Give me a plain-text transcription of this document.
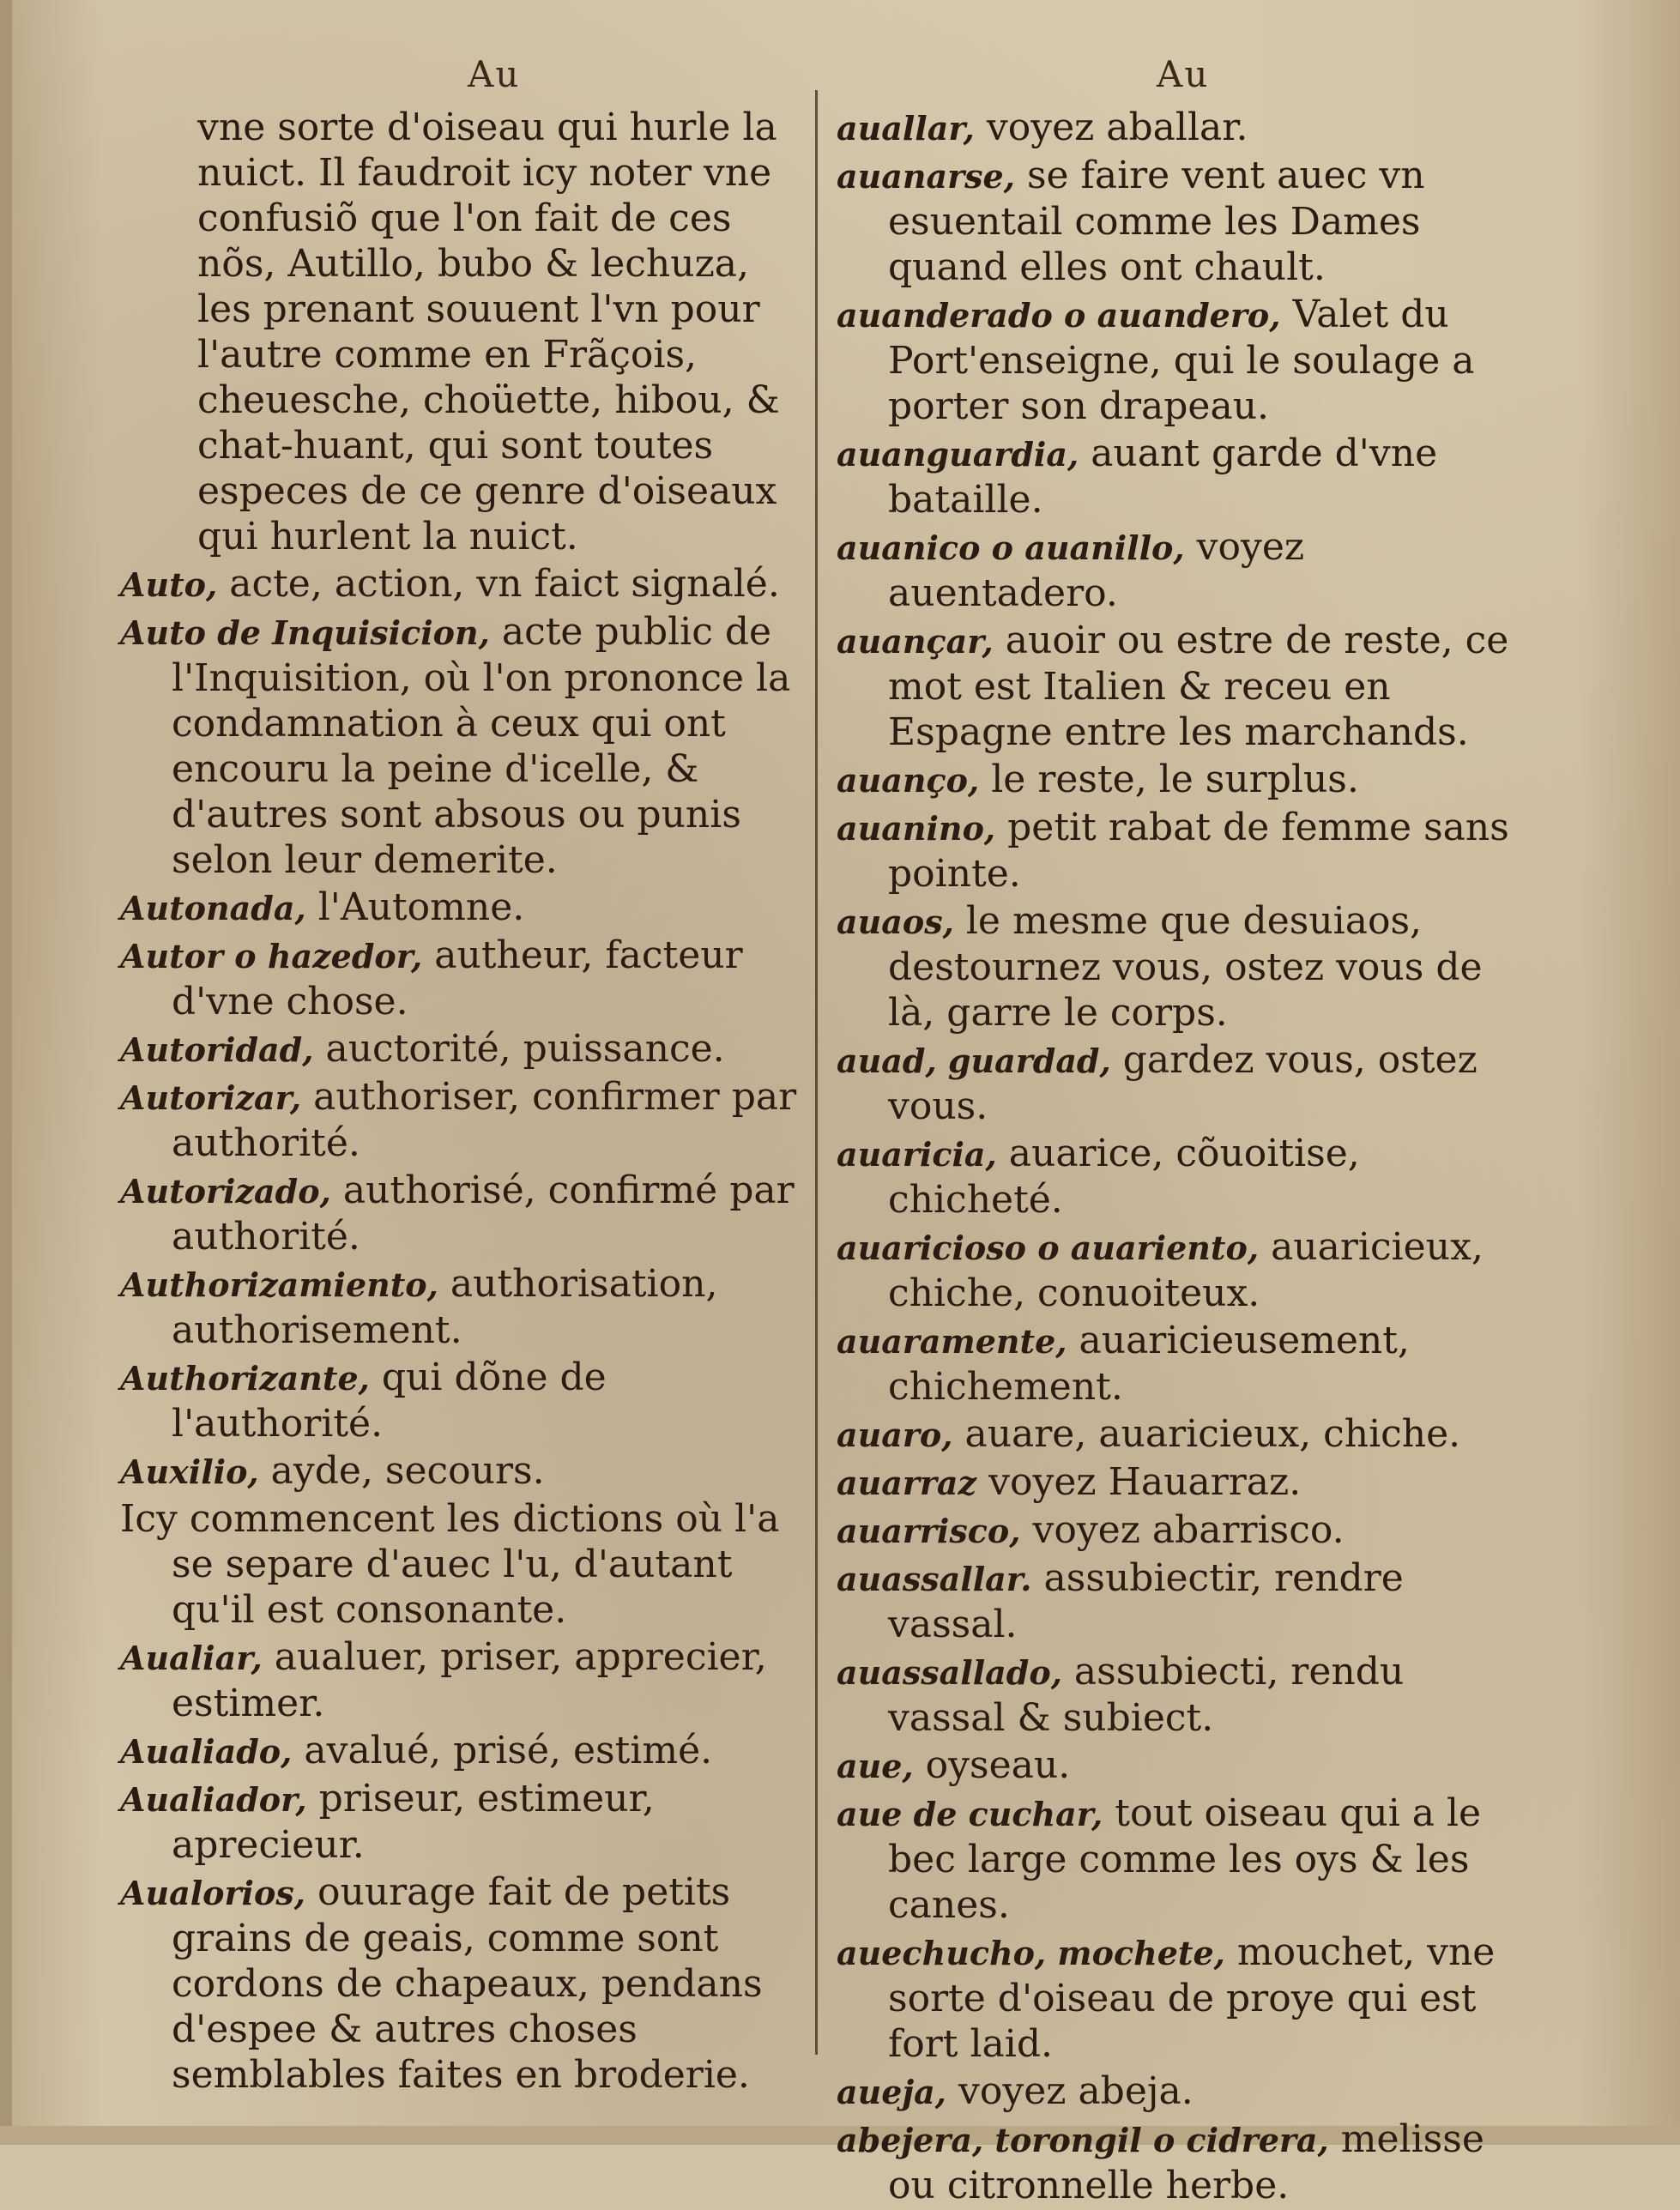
Au	Au
vne sorte d'oiseau qui hurle la nuict. Il faudroit icy noter vne confusiõ que l'on fait de ces nõs, Autillo, bubo & lechuza, les prenant souuent l'vn pour l'autre comme en Frãçois, cheuesche, choüette, hibou, & chat-huant, qui sont toutes especes de ce genre d'oiseaux qui hurlent la nuict.
Auto, acte, action, vn faict signalé.
Auto de Inquisicion, acte public de l'Inquisition, où l'on prononce la condamnation à ceux qui ont encouru la peine d'icelle, & d'autres sont absous ou punis selon leur demerite.
Autonada, l'Automne.
Autor o hazedor, autheur, facteur d'vne chose.
Autoridad, auctorité, puissance.
Autorizar, authoriser, confirmer par authorité.
Autorizado, authorisé, confirmé par authorité.
Authorizamiento, authorisation, authorisement.
Authorizante, qui dõne de l'authorité.
Auxilio, ayde, secours.
Icy commencent les dictions où l'a se separe d'auec l'u, d'autant qu'il est consonante.
Aualiar, aualuer, priser, apprecier, estimer.
Aualiado, avalué, prisé, estimé.
Aualiador, priseur, estimeur, aprecieur.
Aualorios, ouurage fait de petits grains de geais, comme sont cordons de chapeaux, pendans d'espee & autres choses semblables faites en broderie.
auallar, voyez aballar.
auanarse, se faire vent auec vn esuentail comme les Dames quand elles ont chault.
auanderado o auandero, Valet du Port'enseigne, qui le soulage a porter son drapeau.
auanguardia, auant garde d'vne bataille.
auanico o auanillo, voyez auentadero.
auançar, auoir ou estre de reste, ce mot est Italien & receu en Espagne entre les marchands.
auanço, le reste, le surplus.
auanino, petit rabat de femme sans pointe.
auaos, le mesme que desuiaos, destournez vous, ostez vous de là, garre le corps.
auad, guardad, gardez vous, ostez vous.
auaricia, auarice, cõuoitise, chicheté.
auaricioso o auariento, auaricieux, chiche, conuoiteux.
auaramente, auaricieusement, chichement.
auaro, auare, auaricieux, chiche.
auarraz voyez Hauarraz.
auarrisco, voyez abarrisco.
auassallar. assubiectir, rendre vassal.
auassallado, assubiecti, rendu vassal & subiect.
aue, oyseau.
aue de cuchar, tout oiseau qui a le bec large comme les oys & les canes.
auechucho, mochete, mouchet, vne sorte d'oiseau de proye qui est fort laid.
aueja, voyez abeja.
abejera, torongil o cidrera, melisse ou citronnelle herbe.
